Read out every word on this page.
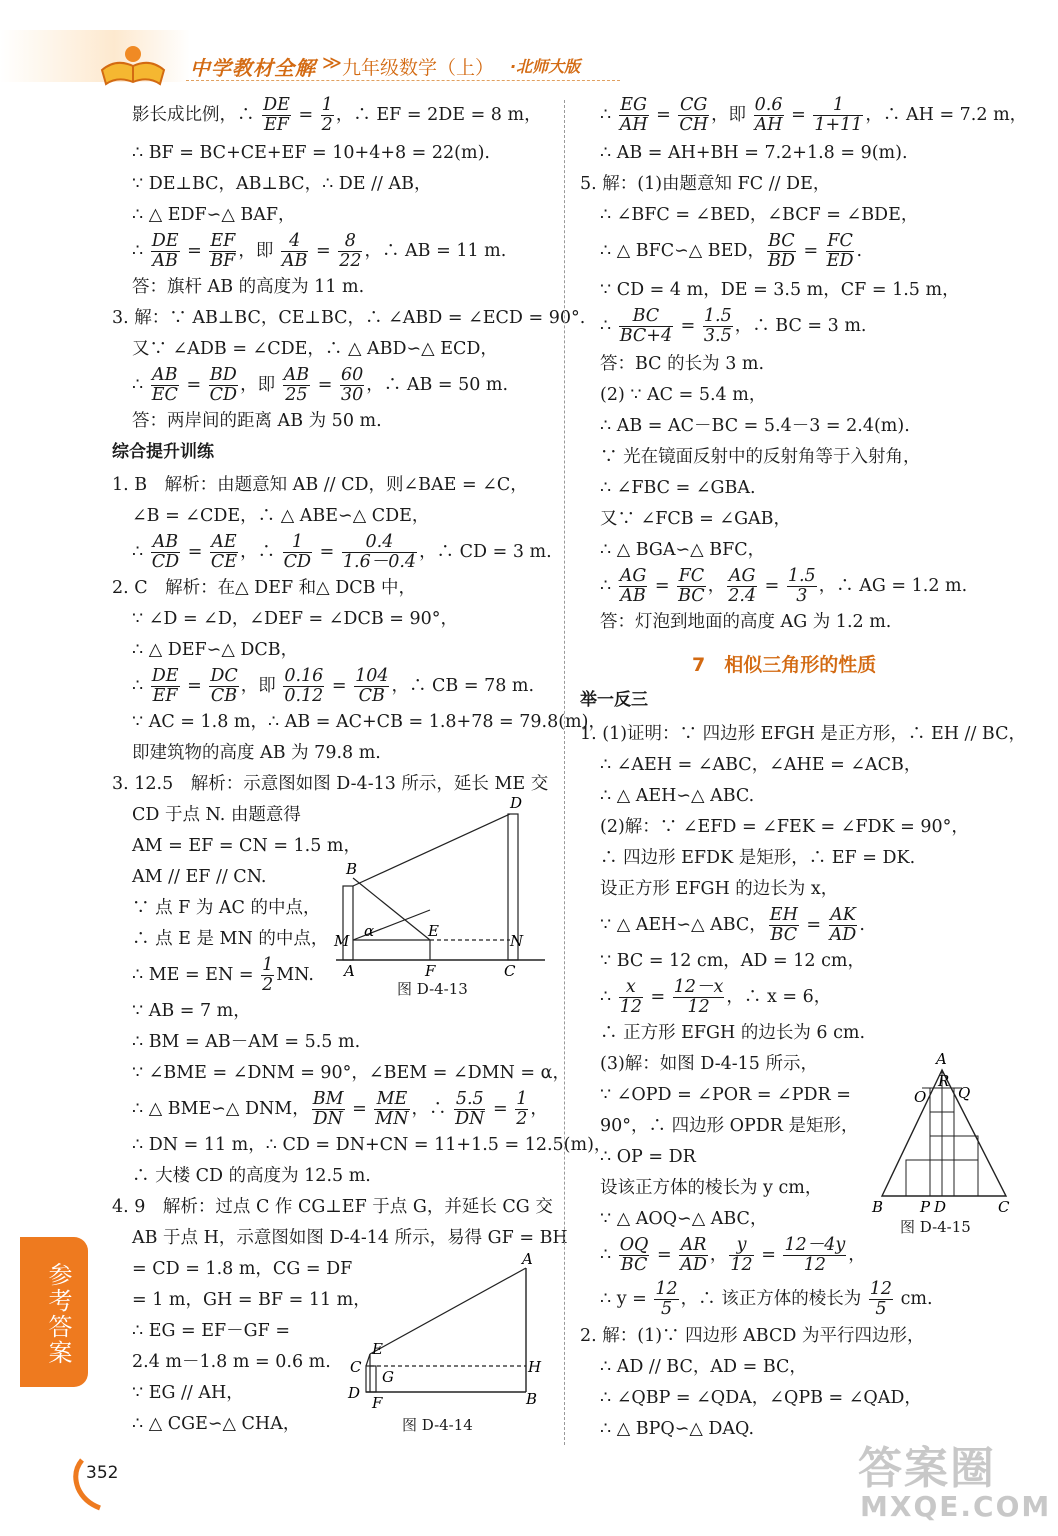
中学教材全解 ≫ 九年级数学（上） ·北师大版
影长成比例，∴ $\frac{DE}{EF} = \frac{1}{2}$ ，∴ EF = 2DE = 8 m，
∴ BF = BC+CE+EF = 10+4+8 = 22(m).
∵ DE⊥BC，AB⊥BC，∴ DE // AB，
∴ △ EDF∽△ BAF，
∴ $\frac{DE}{AB} = \frac{EF}{BF}$ ，即 $\frac{4}{AB} = \frac{8}{22}$ ，∴ AB = 11 m.
答：旗杆 AB 的高度为 11 m.
3. 解：∵ AB⊥BC，CE⊥BC，∴ ∠ABD = ∠ECD = 90°.
又∵ ∠ADB = ∠CDE，∴ △ ABD∽△ ECD，
∴ $\frac{AB}{EC} = \frac{BD}{CD}$ ，即 $\frac{AB}{25} = \frac{60}{30}$ ，∴ AB = 50 m.
答：两岸间的距离 AB 为 50 m.
综合提升训练
1. B　解析：由题意知 AB // CD，则∠BAE = ∠C，
∠B = ∠CDE，∴ △ ABE∽△ CDE，
∴ $\frac{AB}{CD} = \frac{AE}{CE}$ ，∴ $\frac{1}{CD} = \frac{0.4}{1.6-0.4}$ ，∴ CD = 3 m.
2. C　解析：在△ DEF 和△ DCB 中，
∵ ∠D = ∠D，∠DEF = ∠DCB = 90°，
∴ △ DEF∽△ DCB，
∴ $\frac{DE}{EF} = \frac{DC}{CB}$ ，即 $\frac{0.16}{0.12} = \frac{104}{CB}$ ，∴ CB = 78 m.
∵ AC = 1.8 m，∴ AB = AC+CB = 1.8+78 = 79.8(m)，
即建筑物的高度 AB 为 79.8 m.
3. 12.5　解析：示意图如图 D-4-13 所示，延长 ME 交
CD 于点 N. 由题意得
AM = EF = CN = 1.5 m，
AM // EF // CN.
∵ 点 F 为 AC 的中点，
∴ 点 E 是 MN 的中点，
∴ ME = EN = $\frac{1}{2}$ MN.
∵ AB = 7 m，
∴ BM = AB－AM = 5.5 m.
∵ ∠BME = ∠DNM = 90°，∠BEM = ∠DMN = α，
∴ △ BME∽△ DNM， $\frac{BM}{DN} = \frac{ME}{MN}$ ，∴ $\frac{5.5}{DN} = \frac{1}{2}$ ，
∴ DN = 11 m，∴ CD = DN+CN = 11+1.5 = 12.5(m)，
∴ 大楼 CD 的高度为 12.5 m.
4. 9　解析：过点 C 作 CG⊥EF 于点 G，并延长 CG 交
AB 于点 H，示意图如图 D-4-14 所示，易得 GF = BH
= CD = 1.8 m，CG = DF
= 1 m，GH = BF = 11 m，
∴ EG = EF－GF =
2.4 m－1.8 m = 0.6 m.
∵ EG // AH，
∴ △ CGE∽△ CHA，
∴ $\frac{EG}{AH} = \frac{CG}{CH}$ ，即 $\frac{0.6}{AH} = \frac{1}{1+11}$ ，∴ AH = 7.2 m，
∴ AB = AH+BH = 7.2+1.8 = 9(m).
5. 解：(1)由题意知 FC // DE，
∴ ∠BFC = ∠BED，∠BCF = ∠BDE，
∴ △ BFC∽△ BED， $\frac{BC}{BD} = \frac{FC}{ED}$ .
∵ CD = 4 m，DE = 3.5 m，CF = 1.5 m，
∴ $\frac{BC}{BC+4} = \frac{1.5}{3.5}$ ，∴ BC = 3 m.
答：BC 的长为 3 m.
(2) ∵ AC = 5.4 m，
∴ AB = AC－BC = 5.4－3 = 2.4(m).
∵ 光在镜面反射中的反射角等于入射角，
∴ ∠FBC = ∠GBA.
又∵ ∠FCB = ∠GAB，
∴ △ BGA∽△ BFC，
∴ $\frac{AG}{AB} = \frac{FC}{BC}$ ， $\frac{AG}{2.4} = \frac{1.5}{3}$ ，∴ AG = 1.2 m.
答：灯泡到地面的高度 AG 为 1.2 m.
7　相似三角形的性质
举一反三
1. (1)证明：∵ 四边形 EFGH 是正方形，∴ EH // BC，
∴ ∠AEH = ∠ABC，∠AHE = ∠ACB，
∴ △ AEH∽△ ABC.
(2)解：∵ ∠EFD = ∠FEK = ∠FDK = 90°，
∴ 四边形 EFDK 是矩形，∴ EF = DK.
设正方形 EFGH 的边长为 x，
∵ △ AEH∽△ ABC， $\frac{EH}{BC} = \frac{AK}{AD}$ .
∵ BC = 12 cm，AD = 12 cm，
∴ $\frac{x}{12} = \frac{12-x}{12}$ ，∴ x = 6，
∴ 正方形 EFGH 的边长为 6 cm.
(3)解：如图 D-4-15 所示，
∵ ∠OPD = ∠POR = ∠PDR =
90°，∴ 四边形 OPDR 是矩形，
∴ OP = DR
设该正方体的棱长为 y cm，
∵ △ AOQ∽△ ABC，
∴ $\frac{OQ}{BC} = \frac{AR}{AD}$ ， $\frac{y}{12} = \frac{12-4y}{12}$ ，
∴ $y = \frac{12}{5}$ ，∴ 该正方体的棱长为 $\frac{12}{5}$ cm.
2. 解：(1)∵ 四边形 ABCD 为平行四边形，
∴ AD // BC，AD = BC，
∴ ∠QBP = ∠QDA，∠QPB = ∠QAD，
∴ △ BPQ∽△ DAQ.
D
B
M
α	E
N
A	F	C
图 D-4-13
A
E
C
G
H
D
F	B
图 D-4-14
A
R
O Q
B P D	C
图 D-4-15
参考答案
352	答案圈
MXQE.COM
